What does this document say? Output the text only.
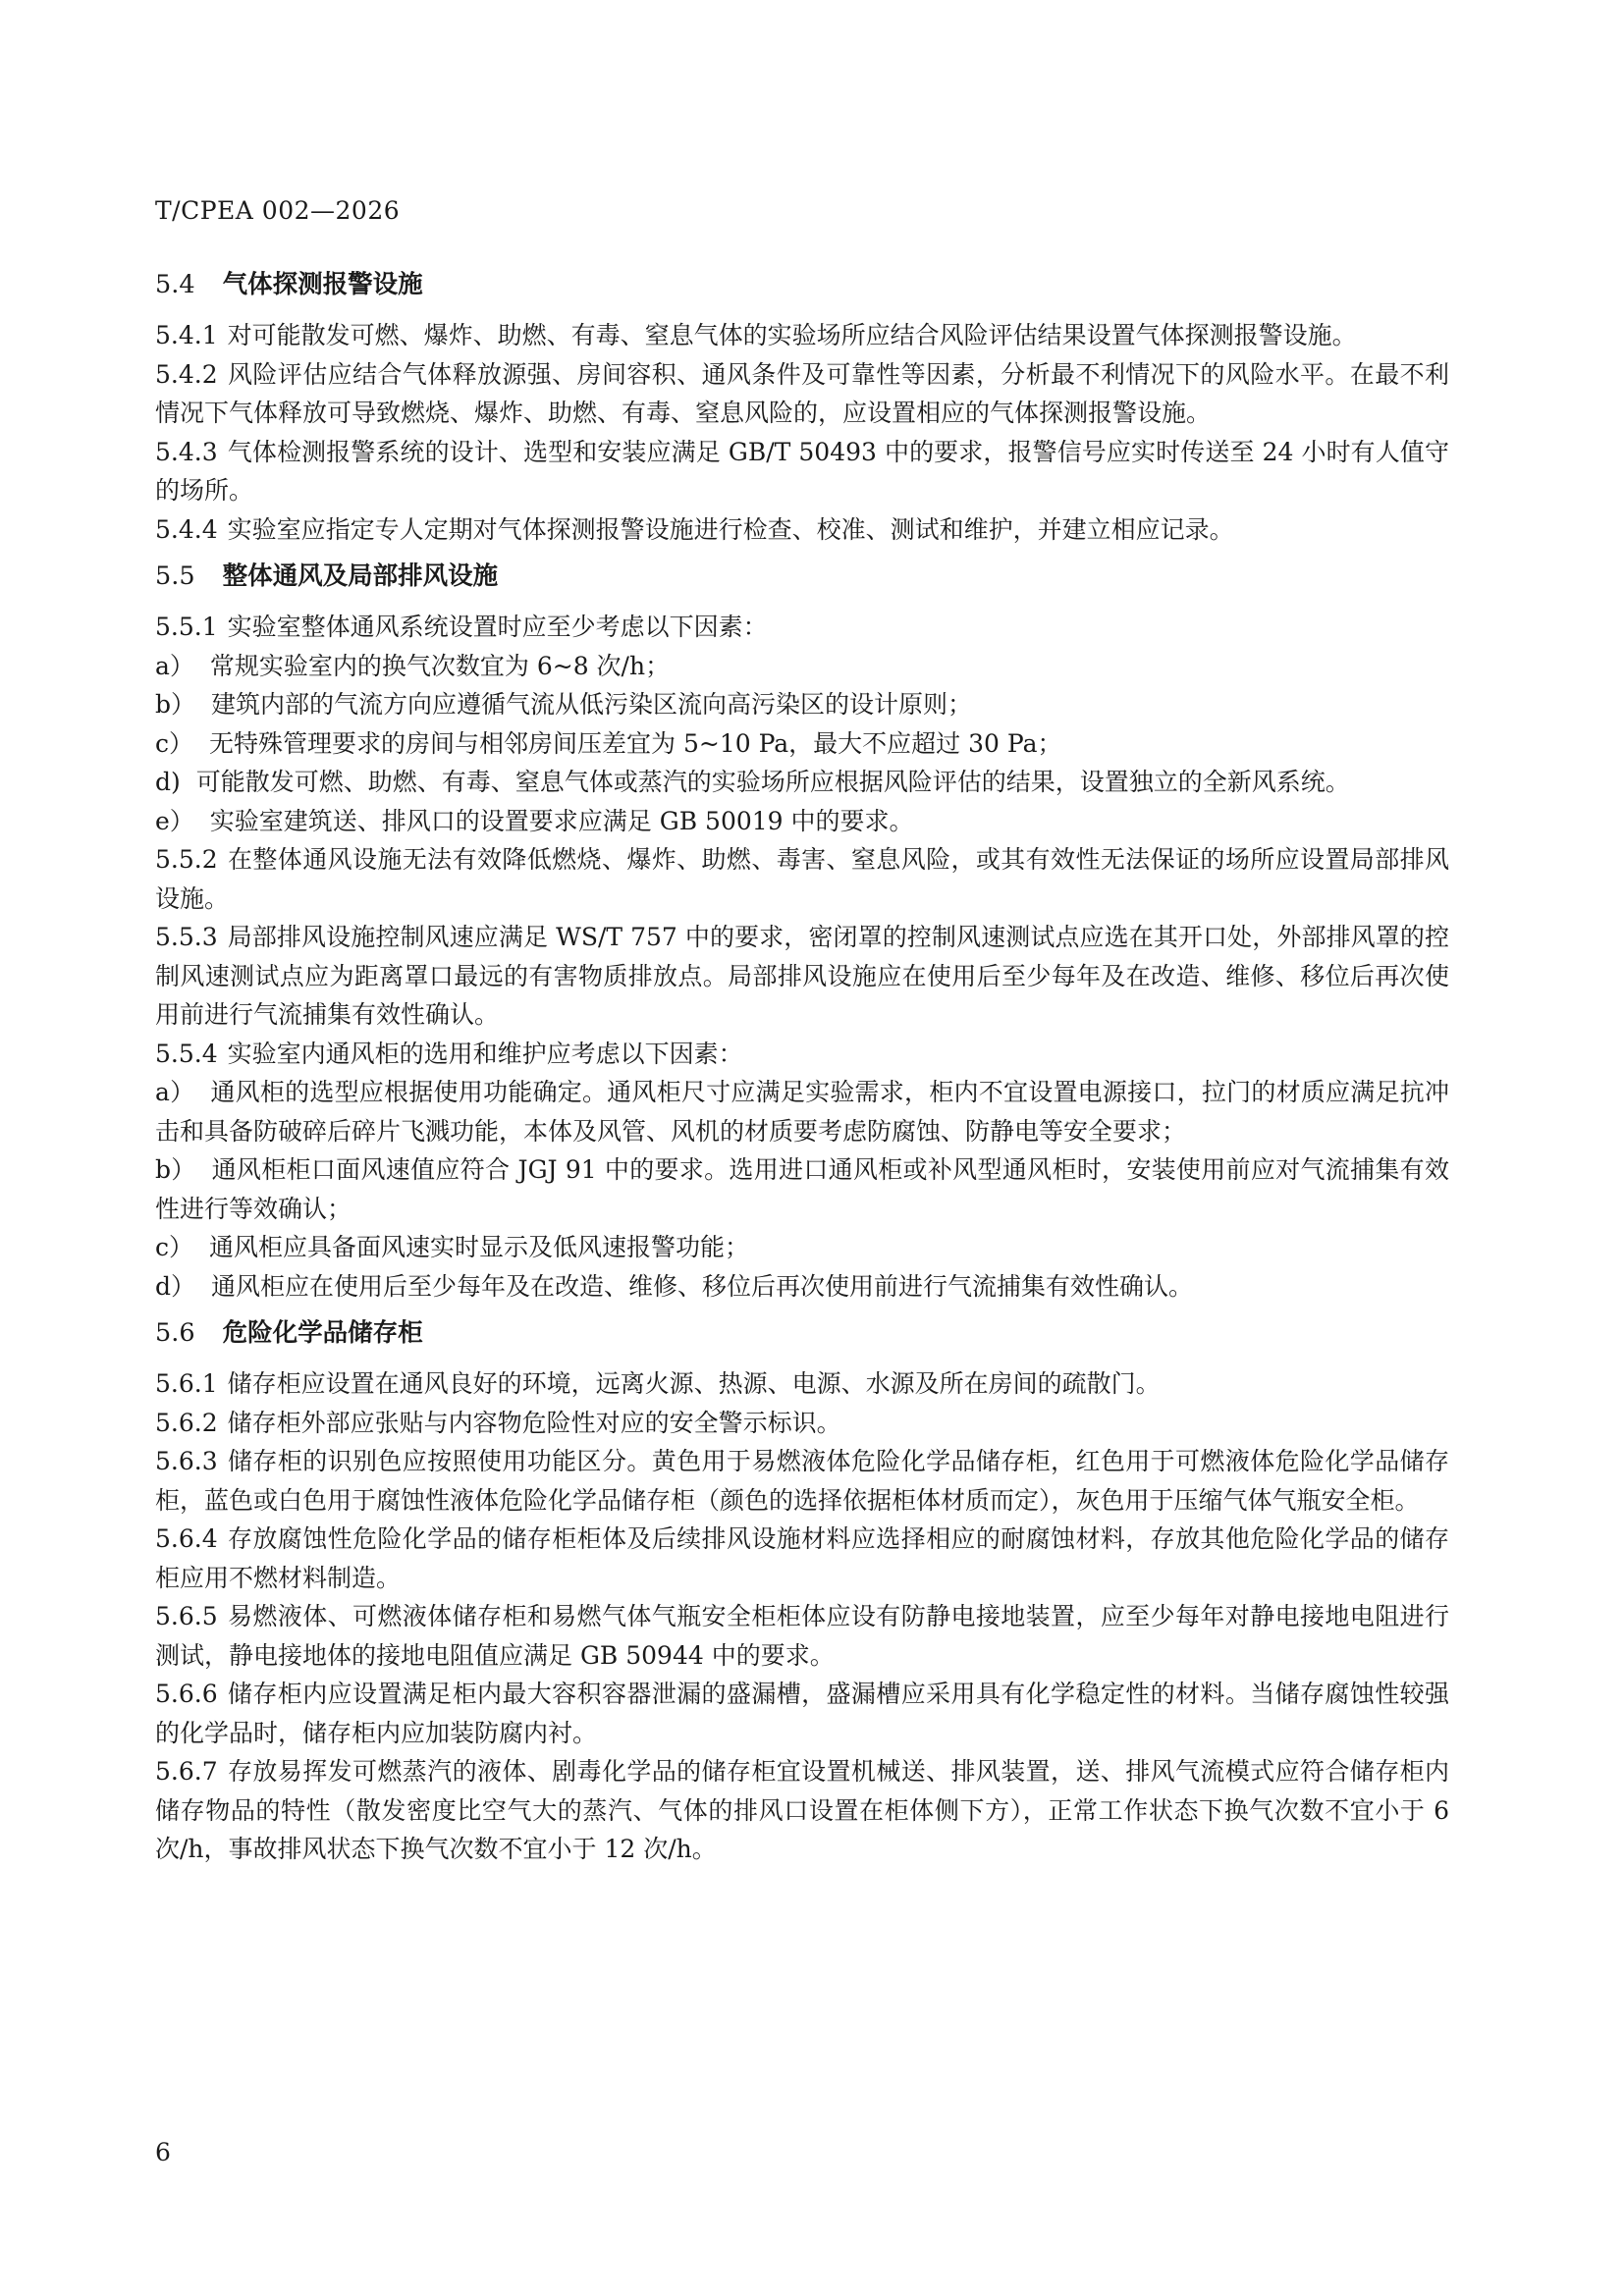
T/CPEA 002—2026
5.4 气体探测报警设施

5.4.1 对可能散发可燃、爆炸、助燃、有毒、窒息气体的实验场所应结合风险评估结果设置气体探测报警设施。

5.4.2 风险评估应结合气体释放源强、房间容积、通风条件及可靠性等因素，分析最不利情况下的风险水平。在最不利情况下气体释放可导致燃烧、爆炸、助燃、有毒、窒息风险的，应设置相应的气体探测报警设施。

5.4.3 气体检测报警系统的设计、选型和安装应满足 GB/T 50493 中的要求，报警信号应实时传送至 24 小时有人值守的场所。

5.4.4 实验室应指定专人定期对气体探测报警设施进行检查、校准、测试和维护，并建立相应记录。

5.5 整体通风及局部排风设施

5.5.1 实验室整体通风系统设置时应至少考虑以下因素：

a） 常规实验室内的换气次数宜为 6~8 次/h；

b） 建筑内部的气流方向应遵循气流从低污染区流向高污染区的设计原则；

c） 无特殊管理要求的房间与相邻房间压差宜为 5~10 Pa，最大不应超过 30 Pa；

d) 可能散发可燃、助燃、有毒、窒息气体或蒸汽的实验场所应根据风险评估的结果，设置独立的全新风系统。

e） 实验室建筑送、排风口的设置要求应满足 GB 50019 中的要求。

5.5.2 在整体通风设施无法有效降低燃烧、爆炸、助燃、毒害、窒息风险，或其有效性无法保证的场所应设置局部排风设施。

5.5.3 局部排风设施控制风速应满足 WS/T 757 中的要求，密闭罩的控制风速测试点应选在其开口处，外部排风罩的控制风速测试点应为距离罩口最远的有害物质排放点。局部排风设施应在使用后至少每年及在改造、维修、移位后再次使用前进行气流捕集有效性确认。

5.5.4 实验室内通风柜的选用和维护应考虑以下因素：

a） 通风柜的选型应根据使用功能确定。通风柜尺寸应满足实验需求，柜内不宜设置电源接口，拉门的材质应满足抗冲击和具备防破碎后碎片飞溅功能，本体及风管、风机的材质要考虑防腐蚀、防静电等安全要求；

b） 通风柜柜口面风速值应符合 JGJ 91 中的要求。选用进口通风柜或补风型通风柜时，安装使用前应对气流捕集有效性进行等效确认；

c） 通风柜应具备面风速实时显示及低风速报警功能；

d） 通风柜应在使用后至少每年及在改造、维修、移位后再次使用前进行气流捕集有效性确认。

5.6 危险化学品储存柜

5.6.1 储存柜应设置在通风良好的环境，远离火源、热源、电源、水源及所在房间的疏散门。

5.6.2 储存柜外部应张贴与内容物危险性对应的安全警示标识。

5.6.3 储存柜的识别色应按照使用功能区分。黄色用于易燃液体危险化学品储存柜，红色用于可燃液体危险化学品储存柜，蓝色或白色用于腐蚀性液体危险化学品储存柜（颜色的选择依据柜体材质而定），灰色用于压缩气体气瓶安全柜。

5.6.4 存放腐蚀性危险化学品的储存柜柜体及后续排风设施材料应选择相应的耐腐蚀材料，存放其他危险化学品的储存柜应用不燃材料制造。

5.6.5 易燃液体、可燃液体储存柜和易燃气体气瓶安全柜柜体应设有防静电接地装置，应至少每年对静电接地电阻进行测试，静电接地体的接地电阻值应满足 GB 50944 中的要求。

5.6.6 储存柜内应设置满足柜内最大容积容器泄漏的盛漏槽，盛漏槽应采用具有化学稳定性的材料。当储存腐蚀性较强的化学品时，储存柜内应加装防腐内衬。

5.6.7 存放易挥发可燃蒸汽的液体、剧毒化学品的储存柜宜设置机械送、排风装置，送、排风气流模式应符合储存柜内储存物品的特性（散发密度比空气大的蒸汽、气体的排风口设置在柜体侧下方），正常工作状态下换气次数不宜小于 6 次/h，事故排风状态下换气次数不宜小于 12 次/h。

6
